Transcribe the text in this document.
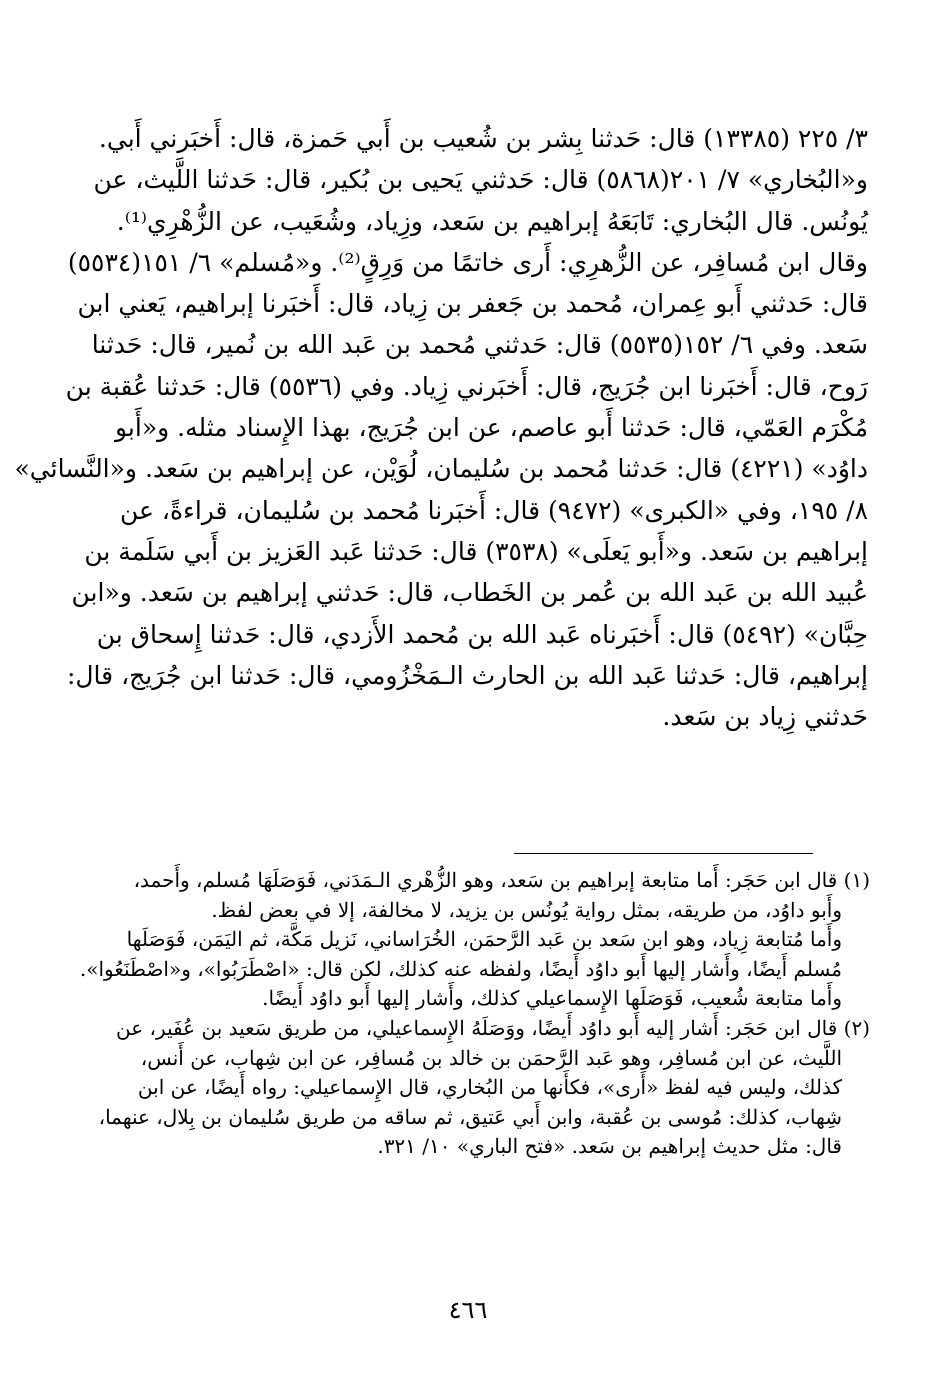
٣/ ٢٢٥ (١٣٣٨٥) قال: حَدثنا بِشر بن شُعيب بن أَبي حَمزة، قال: أَخبَرني أَبي.
و«البُخاري» ٧/ ٢٠١(٥٨٦٨) قال: حَدثني يَحيى بن بُكير، قال: حَدثنا اللَّيث، عن
يُونُس. قال البُخاري: تَابَعَهُ إبراهيم بن سَعد، وزِياد، وشُعَيب، عن الزُّهْرِي⁽¹⁾.
وقال ابن مُسافِر، عن الزُّهرِي: أَرى خاتمًا من وَرِقٍ⁽²⁾. و«مُسلم» ٦/ ١٥١(٥٥٣٤)
قال: حَدثني أَبو عِمران، مُحمد بن جَعفر بن زِياد، قال: أَخبَرنا إبراهيم، يَعني ابن
سَعد. وفي ٦/ ١٥٢(٥٥٣٥) قال: حَدثني مُحمد بن عَبد الله بن نُمير، قال: حَدثنا
رَوح، قال: أَخبَرنا ابن جُرَيج، قال: أَخبَرني زِياد. وفي (٥٥٣٦) قال: حَدثنا عُقبة بن
مُكْرَم العَمّي، قال: حَدثنا أَبو عاصم، عن ابن جُرَيج، بهذا الإِسناد مثله. و«أَبو
داوُد» (٤٢٢١) قال: حَدثنا مُحمد بن سُليمان، لُوَيْن، عن إبراهيم بن سَعد. و«النَّسائي»
٨/ ١٩٥، وفي «الكبرى» (٩٤٧٢) قال: أَخبَرنا مُحمد بن سُليمان، قراءةً، عن
إبراهيم بن سَعد. و«أَبو يَعلَى» (٣٥٣٨) قال: حَدثنا عَبد العَزيز بن أَبي سَلَمة بن
عُبيد الله بن عَبد الله بن عُمر بن الخَطاب، قال: حَدثني إبراهيم بن سَعد. و«ابن
حِبَّان» (٥٤٩٢) قال: أَخبَرناه عَبد الله بن مُحمد الأَزدي، قال: حَدثنا إِسحاق بن
إبراهيم، قال: حَدثنا عَبد الله بن الحارث الـمَخْزُومي، قال: حَدثنا ابن جُرَيج، قال:
حَدثني زِياد بن سَعد.
(١) قال ابن حَجَر: أَما متابعة إبراهيم بن سَعد، وهو الزُّهْري الـمَدَني، فَوَصَلَهَا مُسلم، وأَحمد،
وأَبو داوُد، من طريقه، بمثل رواية يُونُس بن يزيد، لا مخالفة، إلا في بعض لفظ.
وأَما مُتابعة زِياد، وهو ابن سَعد بن عَبد الرَّحمَن، الخُرَاساني، نَزيل مَكَّة، ثم اليَمَن، فَوَصَلَها
مُسلم أَيضًا، وأَشار إليها أَبو داوُد أَيضًا، ولفظه عنه كذلك، لكن قال: «اصْطَرَبُوا»، و«اصْطَنَعُوا».
وأَما متابعة شُعيب، فَوَصَلَها الإِسماعيلي كذلك، وأَشار إليها أَبو داوُد أَيضًا.
(٢) قال ابن حَجَر: أَشار إليه أَبو داوُد أَيضًا، ووَصَلَهُ الإِسماعيلي، من طريق سَعيد بن عُفَير، عن
اللَّيث، عن ابن مُسافِر، وهو عَبد الرَّحمَن بن خالد بن مُسافِر، عن ابن شِهاب، عن أَنس،
كذلك، وليس فيه لفظ «أَرى»، فكأَنها من البُخاري، قال الإِسماعيلي: رواه أَيضًا، عن ابن
شِهاب، كذلك: مُوسى بن عُقبة، وابن أَبي عَتيق، ثم ساقه من طريق سُليمان بن بِلال، عنهما،
قال: مثل حديث إبراهيم بن سَعد. «فتح الباري» ١٠/ ٣٢١.
٤٦٦
